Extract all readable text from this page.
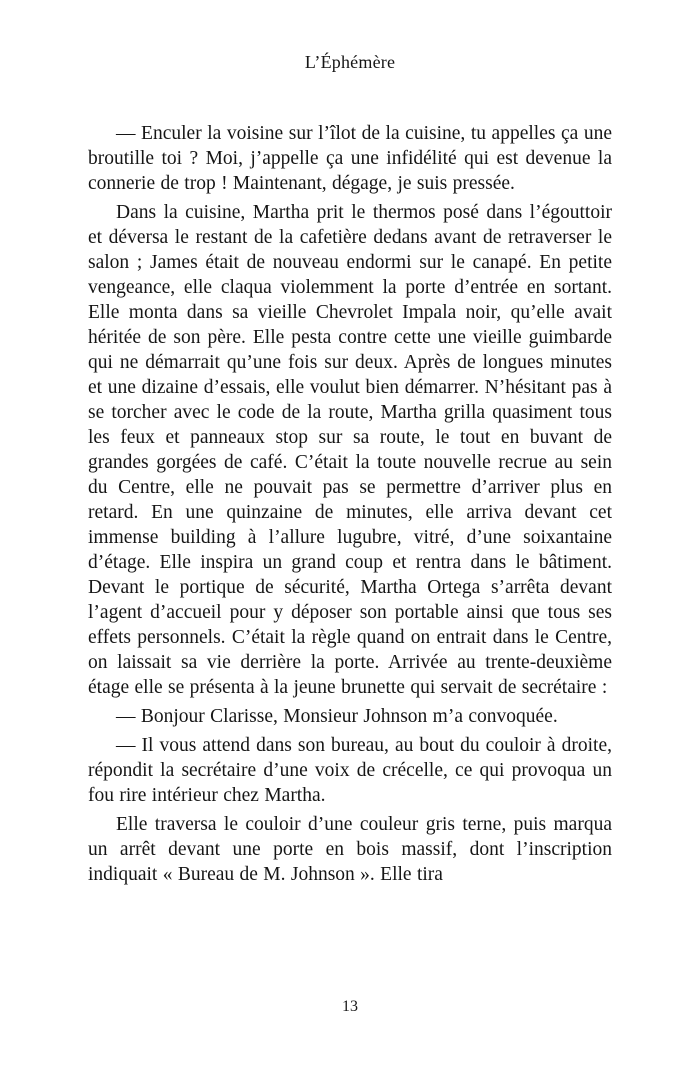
L’Éphémère

— Enculer la voisine sur l’îlot de la cuisine, tu appelles ça une broutille toi ? Moi, j’appelle ça une infidélité qui est devenue la connerie de trop ! Maintenant, dégage, je suis pressée.

Dans la cuisine, Martha prit le thermos posé dans l’égouttoir et déversa le restant de la cafetière dedans avant de retraverser le salon ; James était de nouveau endormi sur le canapé. En petite vengeance, elle claqua violemment la porte d’entrée en sortant. Elle monta dans sa vieille Chevrolet Impala noir, qu’elle avait héritée de son père. Elle pesta contre cette une vieille guimbarde qui ne démarrait qu’une fois sur deux. Après de longues minutes et une dizaine d’essais, elle voulut bien démarrer. N’hésitant pas à se torcher avec le code de la route, Martha grilla quasiment tous les feux et panneaux stop sur sa route, le tout en buvant de grandes gorgées de café. C’était la toute nouvelle recrue au sein du Centre, elle ne pouvait pas se permettre d’arriver plus en retard. En une quinzaine de minutes, elle arriva devant cet immense building à l’allure lugubre, vitré, d’une soixantaine d’étage. Elle inspira un grand coup et rentra dans le bâtiment. Devant le portique de sécurité, Martha Ortega s’arrêta devant l’agent d’accueil pour y déposer son portable ainsi que tous ses effets personnels. C’était la règle quand on entrait dans le Centre, on laissait sa vie derrière la porte. Arrivée au trente-deuxième étage elle se présenta à la jeune brunette qui servait de secrétaire :

— Bonjour Clarisse, Monsieur Johnson m’a convoquée.

— Il vous attend dans son bureau, au bout du couloir à droite, répondit la secrétaire d’une voix de crécelle, ce qui provoqua un fou rire intérieur chez Martha.

Elle traversa le couloir d’une couleur gris terne, puis marqua un arrêt devant une porte en bois massif, dont l’inscription indiquait « Bureau de M. Johnson ». Elle tira

13
